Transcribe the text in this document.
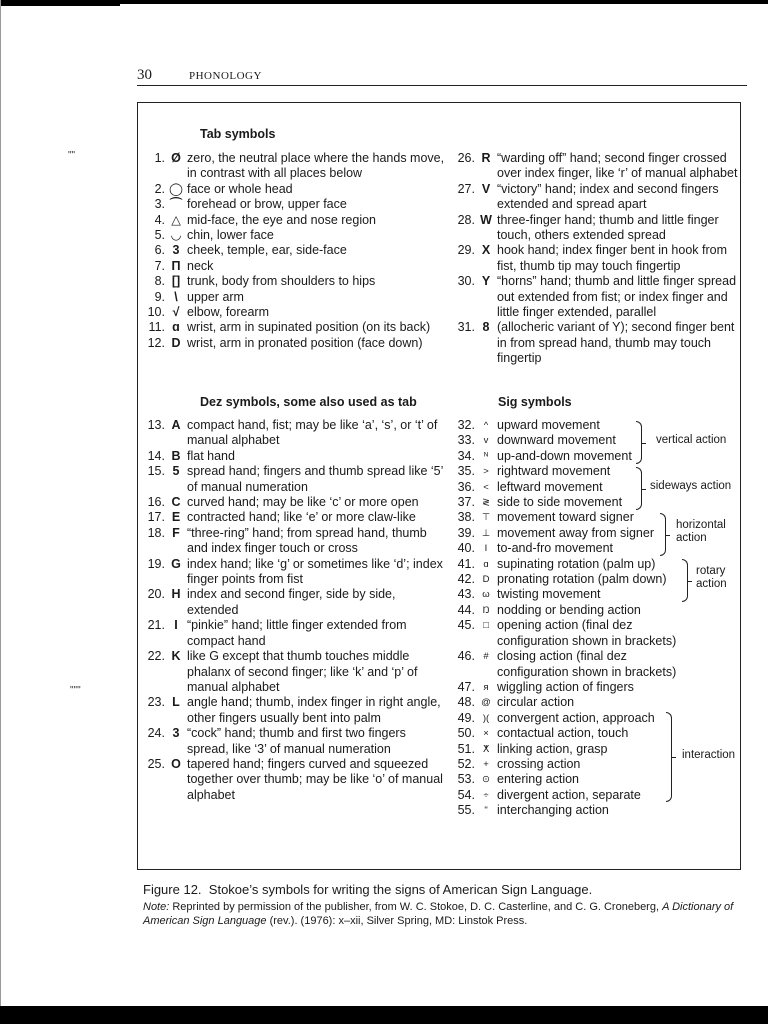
30	PHONOLOGY
""
"""
Tab symbols
1. Ø zero, the neutral place where the hands move, in contrast with all places below
2. ◯ face or whole head
3. ⌒ forehead or brow, upper face
4. △ mid-face, the eye and nose region
5. ◡ chin, lower face
6. 3 cheek, temple, ear, side-face
7. Π neck
8. [] trunk, body from shoulders to hips
9. \ upper arm
10. √ elbow, forearm
11. ɑ wrist, arm in supinated position (on its back)
12. D wrist, arm in pronated position (face down)
Dez symbols, some also used as tab
13. A compact hand, fist; may be like ‘a’, ‘s’, or ‘t’ of manual alphabet
14. B flat hand
15. 5 spread hand; fingers and thumb spread like ‘5’ of manual numeration
16. C curved hand; may be like ‘c’ or more open
17. E contracted hand; like ‘e’ or more claw-like
18. F “three-ring” hand; from spread hand, thumb and index finger touch or cross
19. G index hand; like ‘g’ or sometimes like ‘d’; index finger points from fist
20. H index and second finger, side by side, extended
21. I “pinkie” hand; little finger extended from compact hand
22. K like G except that thumb touches middle phalanx of second finger; like ‘k’ and ‘p’ of manual alphabet
23. L angle hand; thumb, index finger in right angle, other fingers usually bent into palm
24. 3 “cock” hand; thumb and first two fingers spread, like ‘3’ of manual numeration
25. O tapered hand; fingers curved and squeezed together over thumb; may be like ‘o’ of manual alphabet
26. R “warding off” hand; second finger crossed over index finger, like ‘r’ of manual alphabet
27. V “victory” hand; index and second fingers extended and spread apart
28. W three-finger hand; thumb and little finger touch, others extended spread
29. X hook hand; index finger bent in hook from fist, thumb tip may touch fingertip
30. Y “horns” hand; thumb and little finger spread out extended from fist; or index finger and little finger extended, parallel
31. 8 (allocheric variant of Y); second finger bent in from spread hand, thumb may touch fingertip
Sig symbols
32. ^ upward movement
33. v downward movement
34. ᴺ up-and-down movement
35. > rightward movement
36. < leftward movement
37. ≷ side to side movement
38. ⊤ movement toward signer
39. ⊥ movement away from signer
40.	I to-and-fro movement
41. ɑ supinating rotation (palm up)
42. D pronating rotation (palm down)
43. ω twisting movement
44. Ŋ nodding or bending action
45. □ opening action (final dez configuration shown in brackets)
46. # closing action (final dez configuration shown in brackets)
47. ᴙ wiggling action of fingers
48. @ circular action
49. )( convergent action, approach
50. × contactual action, touch
51. ⵅ linking action, grasp
52. + crossing action
53. ⊙ entering action
54. ÷ divergent action, separate
55. " interchanging action
vertical action
sideways action
horizontal action
rotary action
interaction

Figure 12. Stokoe’s symbols for writing the signs of American Sign Language.

Note: Reprinted by permission of the publisher, from W. C. Stokoe, D. C. Casterline, and C. G. Croneberg, A Dictionary of American Sign Language (rev.). (1976): x–xii, Silver Spring, MD: Linstok Press.
